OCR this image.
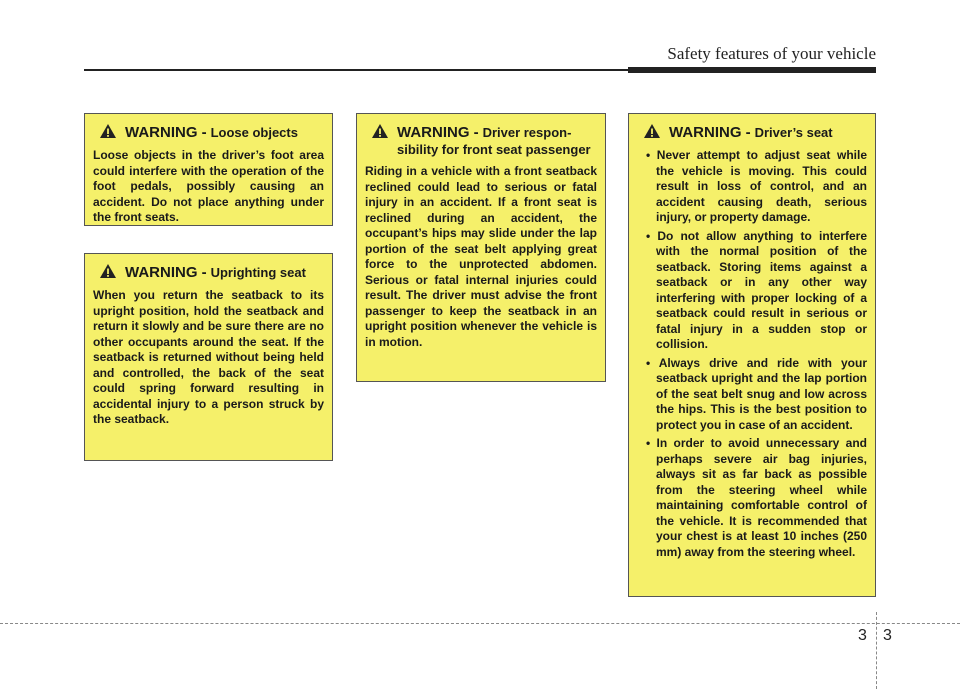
Safety features of your vehicle
WARNING - Loose objects
Loose objects in the driver’s foot area could interfere with the operation of the foot pedals, possibly causing an accident. Do not place anything under the front seats.
WARNING - Uprighting seat
When you return the seatback to its upright position, hold the seatback and return it slowly and be sure there are no other occupants around the seat. If the seatback is returned without being held and controlled, the back of the seat could spring forward resulting in accidental injury to a person struck by the seatback.
WARNING - Driver responsibility for front seat passenger
Riding in a vehicle with a front seatback reclined could lead to serious or fatal injury in an accident. If a front seat is reclined during an accident, the occupant’s hips may slide under the lap portion of the seat belt applying great force to the unprotected abdomen. Serious or fatal internal injuries could result. The driver must advise the front passenger to keep the seatback in an upright position whenever the vehicle is in motion.
WARNING - Driver’s seat
• Never attempt to adjust seat while the vehicle is moving. This could result in loss of control, and an accident causing death, serious injury, or property damage.
• Do not allow anything to interfere with the normal position of the seatback. Storing items against a seatback or in any other way interfering with proper locking of a seatback could result in serious or fatal injury in a sudden stop or collision.
• Always drive and ride with your seatback upright and the lap portion of the seat belt snug and low across the hips. This is the best position to protect you in case of an accident.
• In order to avoid unnecessary and perhaps severe air bag injuries, always sit as far back as possible from the steering wheel while maintaining comfortable control of the vehicle. It is recommended that your chest is at least 10 inches (250 mm) away from the steering wheel.
3 3
